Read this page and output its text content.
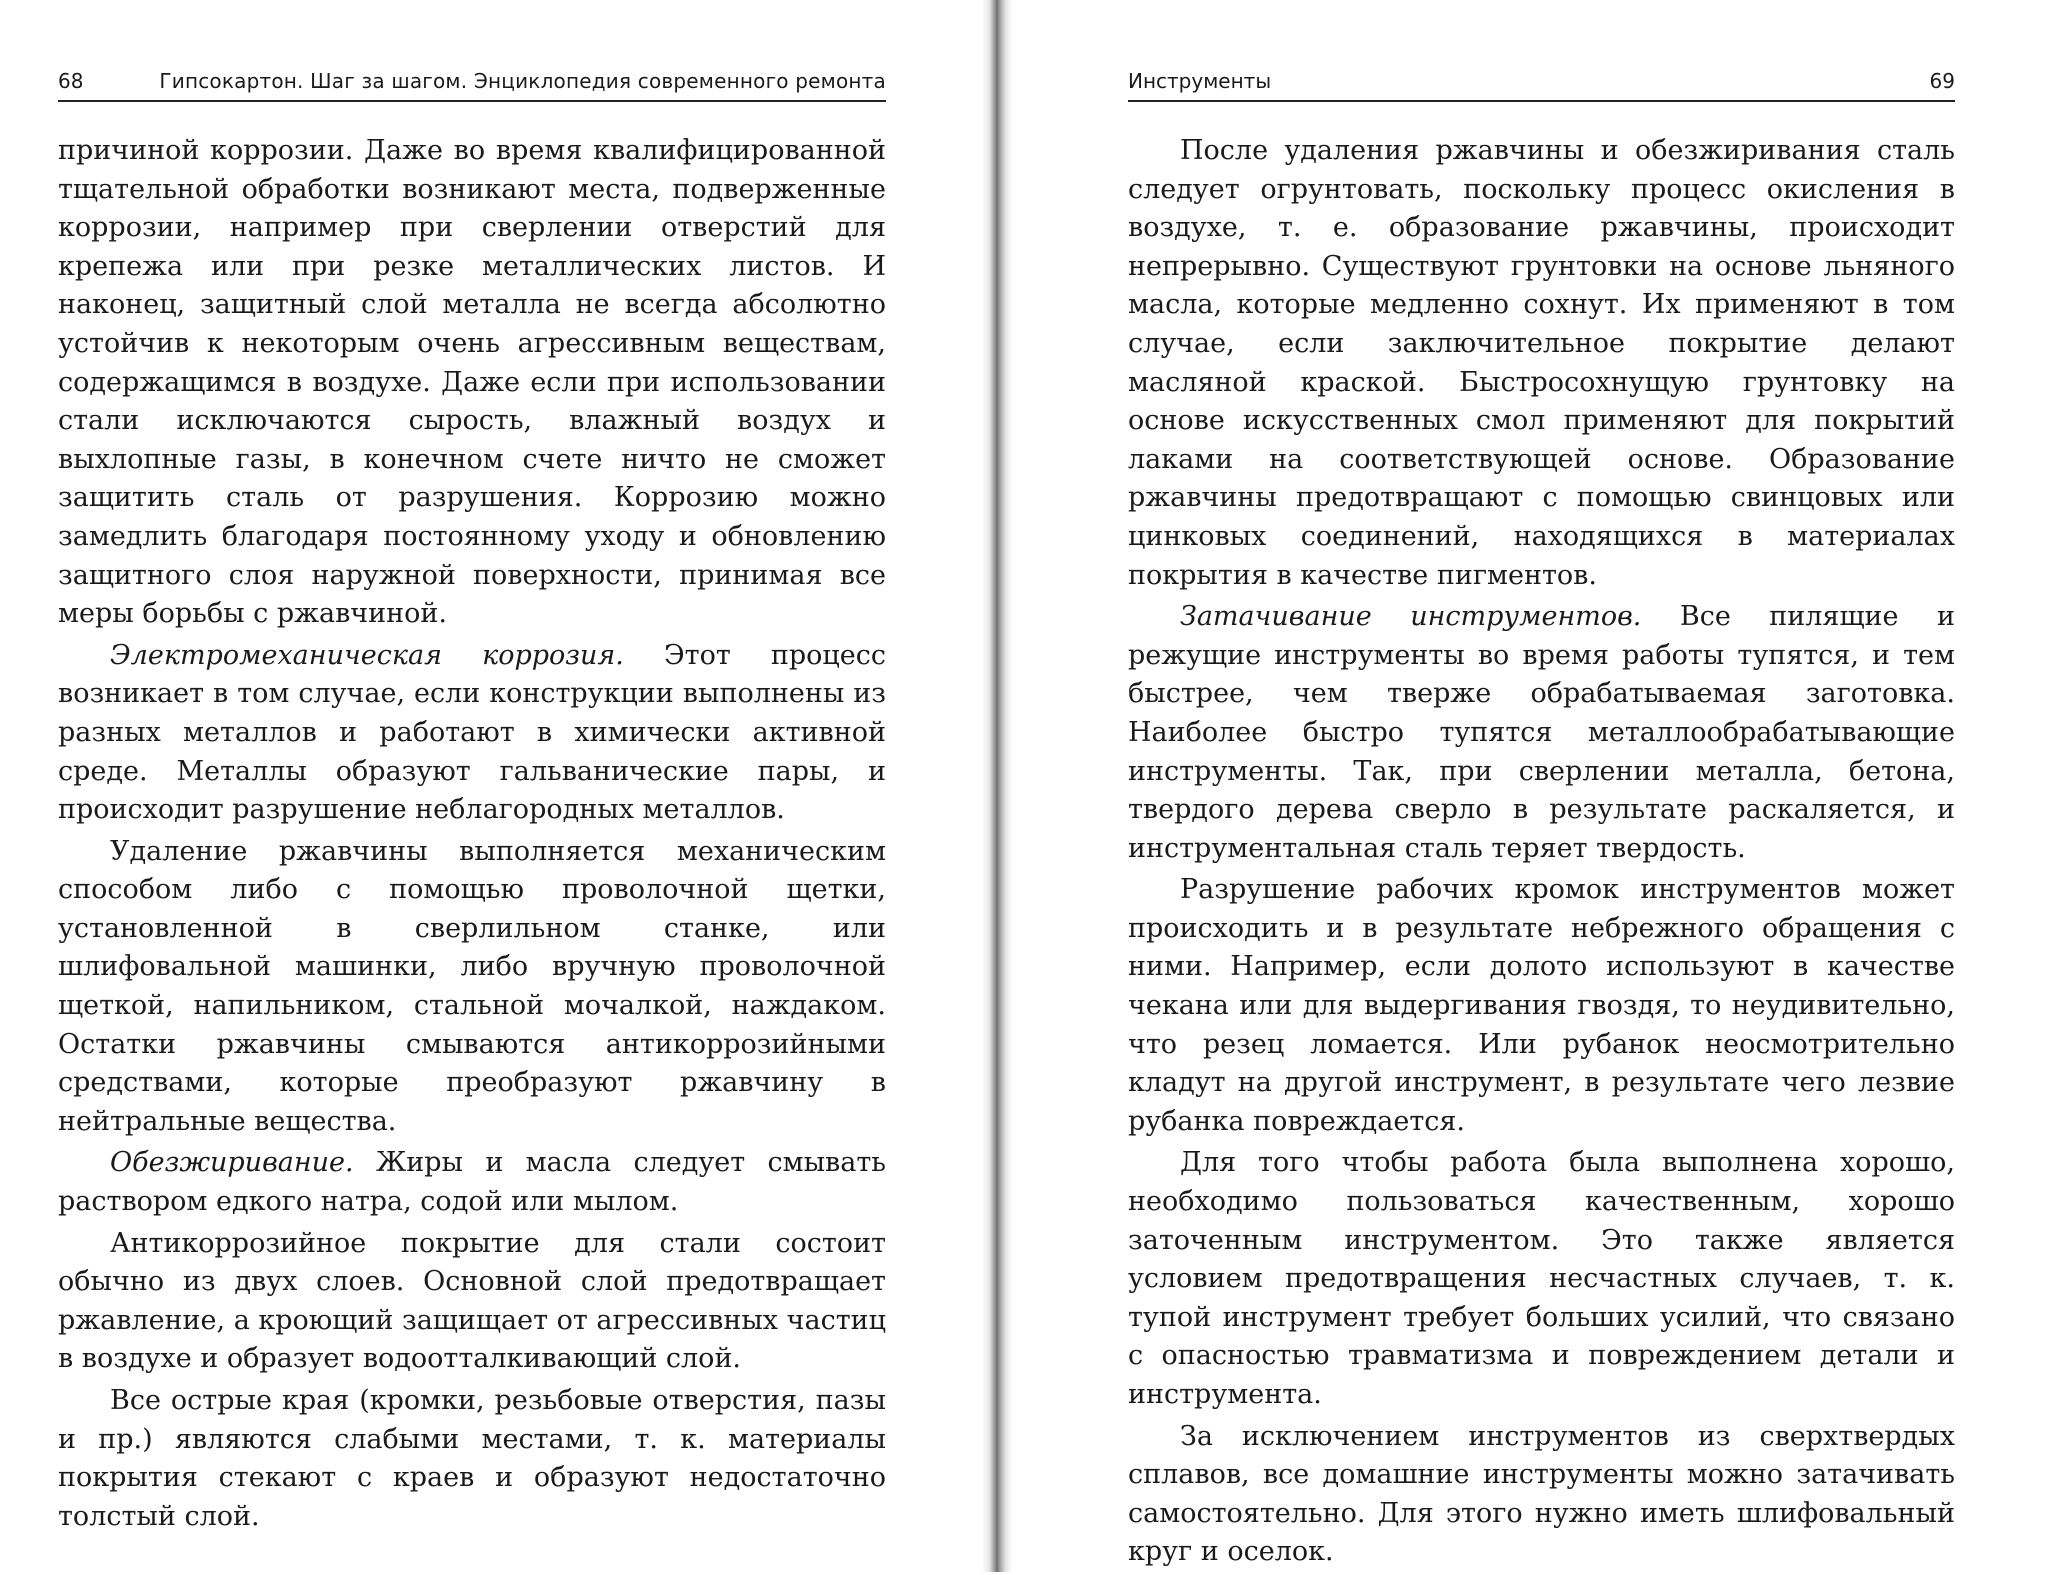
68	Гипсокартон. Шаг за шагом. Энциклопедия современного ремонта

причиной коррозии. Даже во время квалифицированной тщательной обработки возникают места, подверженные коррозии, например при сверлении отверстий для крепежа или при резке металлических листов. И наконец, защитный слой металла не всегда абсолютно устойчив к некоторым очень агрессивным веществам, содержащимся в воздухе. Даже если при использовании стали исключаются сырость, влажный воздух и выхлопные газы, в конечном счете ничто не сможет защитить сталь от разрушения. Коррозию можно замедлить благодаря постоянному уходу и обновлению защитного слоя наружной поверхности, принимая все меры борьбы с ржавчиной.

Электромеханическая коррозия. Этот процесс возникает в том случае, если конструкции выполнены из разных металлов и работают в химически активной среде. Металлы образуют гальванические пары, и происходит разрушение неблагородных металлов.

Удаление ржавчины выполняется механическим способом либо с помощью проволочной щетки, установленной в сверлильном станке, или шлифовальной машинки, либо вручную проволочной щеткой, напильником, стальной мочалкой, наждаком. Остатки ржавчины смываются антикоррозийными средствами, которые преобразуют ржавчину в нейтральные вещества.

Обезжиривание. Жиры и масла следует смывать раствором едкого натра, содой или мылом.

Антикоррозийное покрытие для стали состоит обычно из двух слоев. Основной слой предотвращает ржавление, а кроющий защищает от агрессивных частиц в воздухе и образует водоотталкивающий слой.

Все острые края (кромки, резьбовые отверстия, пазы и пр.) являются слабыми местами, т. к. материалы покрытия стекают с краев и образуют недостаточно толстый слой.

Инструменты	69

После удаления ржавчины и обезжиривания сталь следует огрунтовать, поскольку процесс окисления в воздухе, т. е. образование ржавчины, происходит непрерывно. Существуют грунтовки на основе льняного масла, которые медленно сохнут. Их применяют в том случае, если заключительное покрытие делают масляной краской. Быстросохнущую грунтовку на основе искусственных смол применяют для покрытий лаками на соответствующей основе. Образование ржавчины предотвращают с помощью свинцовых или цинковых соединений, находящихся в материалах покрытия в качестве пигментов.

Затачивание инструментов. Все пилящие и режущие инструменты во время работы тупятся, и тем быстрее, чем тверже обрабатываемая заготовка. Наиболее быстро тупятся металлообрабатывающие инструменты. Так, при сверлении металла, бетона, твердого дерева сверло в результате раскаляется, и инструментальная сталь теряет твердость.

Разрушение рабочих кромок инструментов может происходить и в результате небрежного обращения с ними. Например, если долото используют в качестве чекана или для выдергивания гвоздя, то неудивительно, что резец ломается. Или рубанок неосмотрительно кладут на другой инструмент, в результате чего лезвие рубанка повреждается.

Для того чтобы работа была выполнена хорошо, необходимо пользоваться качественным, хорошо заточенным инструментом. Это также является условием предотвращения несчастных случаев, т. к. тупой инструмент требует больших усилий, что связано с опасностью травматизма и повреждением детали и инструмента.

За исключением инструментов из сверхтвердых сплавов, все домашние инструменты можно затачивать самостоятельно. Для этого нужно иметь шлифовальный круг и оселок.
